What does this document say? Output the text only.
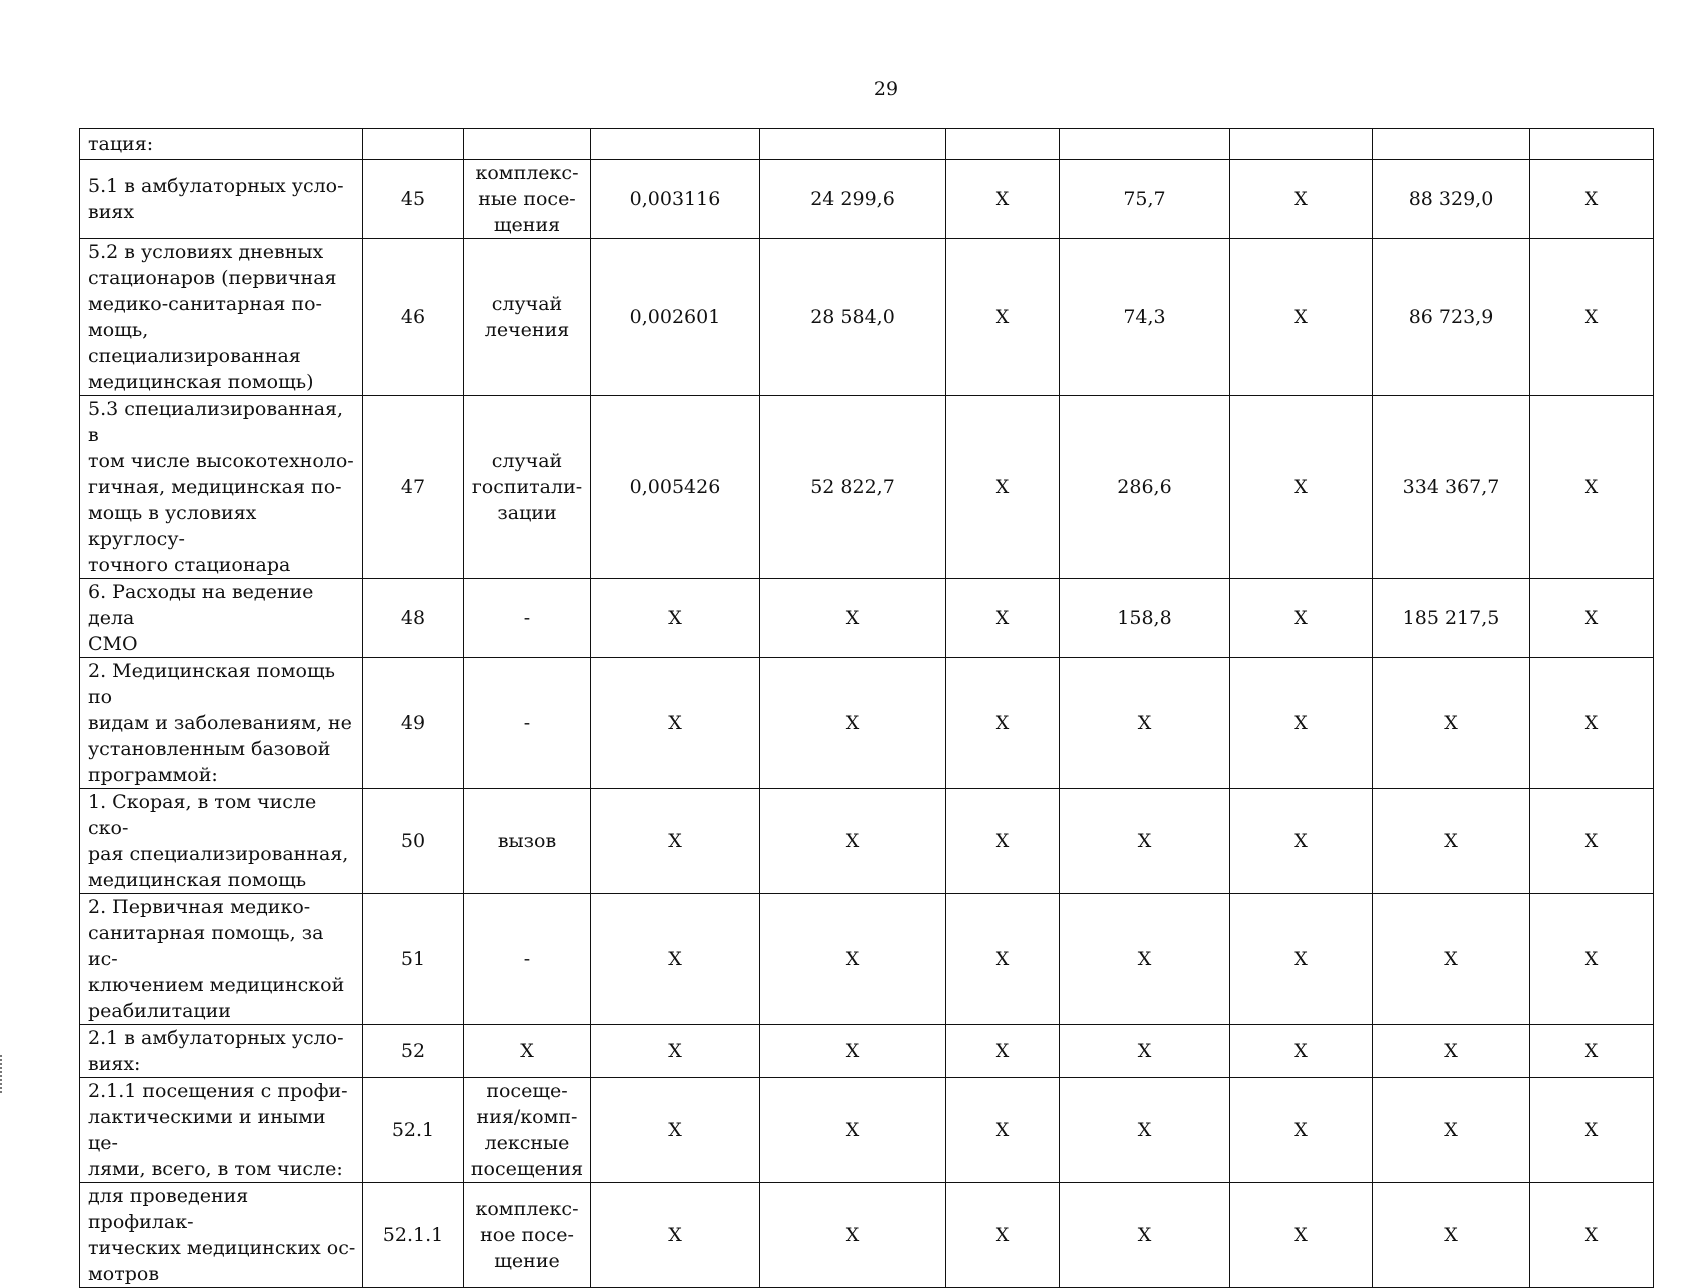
29
тация:									
5.1 в амбулаторных усло-
виях	45	комплекс-
ные посе-
щения	0,003116	24 299,6	Х	75,7	Х	88 329,0	Х
5.2 в условиях дневных
стационаров (первичная
медико-санитарная по-
мощь, специализированная
медицинская помощь)	46	случай
лечения	0,002601	28 584,0	Х	74,3	Х	86 723,9	Х
5.3 специализированная, в
том числе высокотехноло-
гичная, медицинская по-
мощь в условиях круглосу-
точного стационара	47	случай
госпитали-
зации	0,005426	52 822,7	Х	286,6	Х	334 367,7	Х
6. Расходы на ведение дела
СМО	48	-	Х	Х	Х	158,8	Х	185 217,5	Х
2. Медицинская помощь по
видам и заболеваниям, не
установленным базовой
программой:	49	-	Х	Х	Х	Х	Х	Х	Х
1. Скорая, в том числе ско-
рая специализированная,
медицинская помощь	50	вызов	Х	Х	Х	Х	Х	Х	Х
2. Первичная медико-
санитарная помощь, за ис-
ключением медицинской
реабилитации	51	-	Х	Х	Х	Х	Х	Х	Х
2.1 в амбулаторных усло-
виях:	52	Х	Х	Х	Х	Х	Х	Х	Х
2.1.1 посещения с профи-
лактическими и иными це-
лями, всего, в том числе:	52.1	посеще-
ния/комп-
лексные
посещения	Х	Х	Х	Х	Х	Х	Х
для проведения профилак-
тических медицинских ос-
мотров	52.1.1	комплекс-
ное посе-
щение	Х	Х	Х	Х	Х	Х	Х
